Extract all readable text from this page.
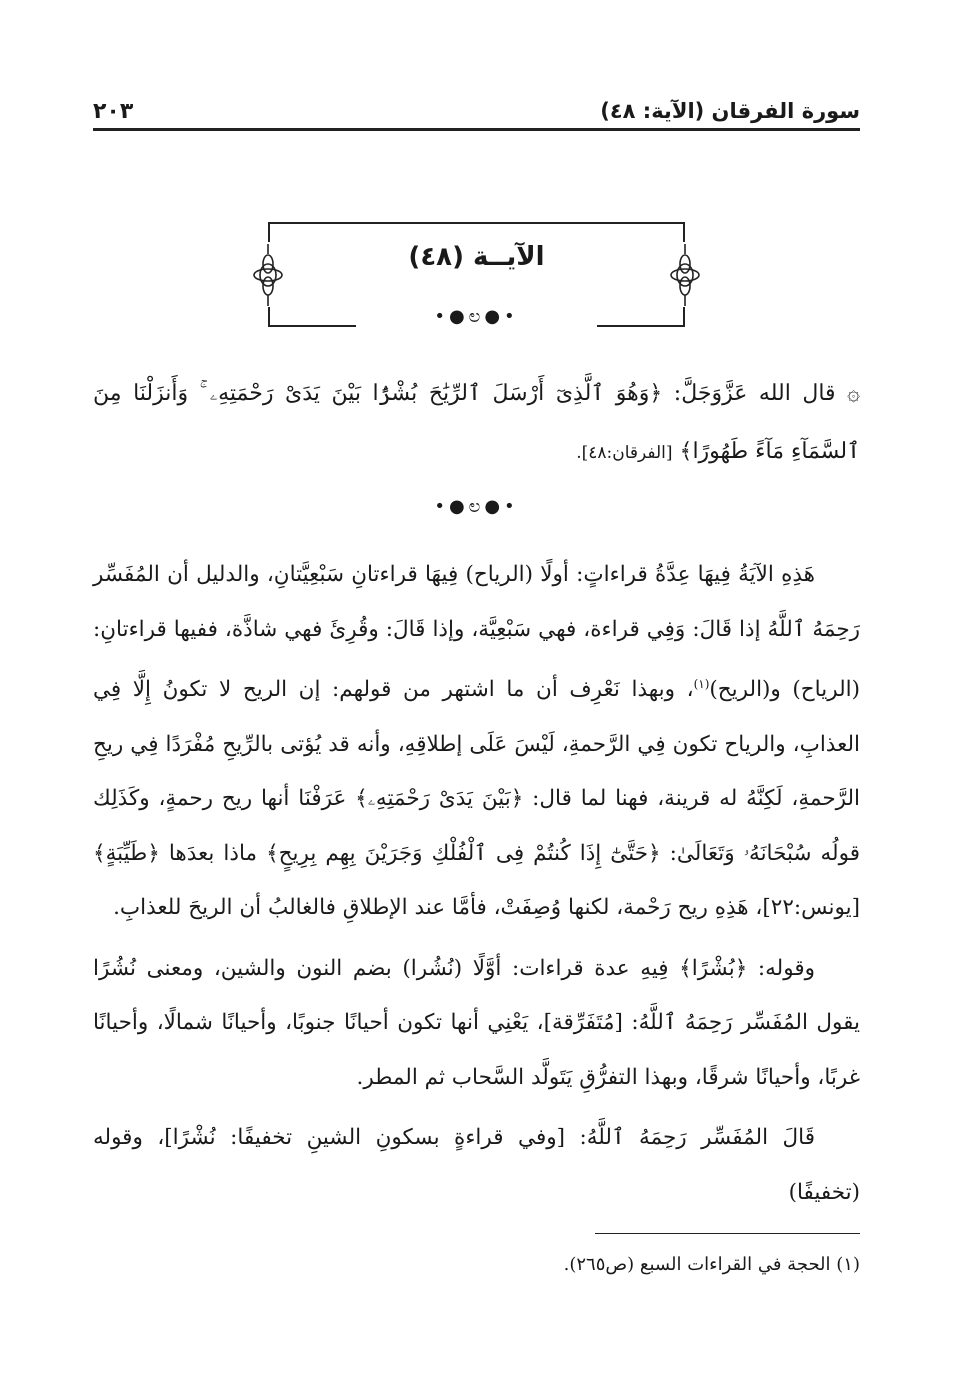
سورة الفرقان (الآية: ٤٨)
٢٠٣
الآيــة (٤٨)
•●ಲ●•
۞ قال الله عَزَّوَجَلَّ: ﴿وَهُوَ ٱلَّذِىٓ أَرْسَلَ ٱلرِّيَٰحَ بُشْرًۢا بَيْنَ يَدَىْ رَحْمَتِهِۦ ۚ وَأَنزَلْنَا مِنَ ٱلسَّمَآءِ مَآءً طَهُورًا﴾ [الفرقان:٤٨].
•●ಲ●•

هَذِهِ الآيَةُ فِيهَا عِدَّةُ قراءاتٍ: أولًا (الرياح) فِيهَا قراءتانِ سَبْعِيَّتانِ، والدليل أن المُفَسِّر رَحِمَهُ ٱللَّهُ إذا قَالَ: وَفِي قراءة، فهي سَبْعِيَّة، وإذا قَالَ: وقُرِئَ فهي شاذَّة، ففيها قراءتانِ: (الرياح) و(الريح)$^{(١)}$، وبهذا نَعْرِف أن ما اشتهر من قولهم: إن الريح لا تكونُ إِلَّا فِي العذابِ، والرياح تكون فِي الرَّحمةِ، لَيْسَ عَلَى إطلاقِهِ، وأنه قد يُؤتى بالرِّيحِ مُفْرَدًا فِي ريحِ الرَّحمةِ، لَكِنَّهُ له قرينة، فهنا لما قال: ﴿بَيْنَ يَدَىْ رَحْمَتِهِۦ﴾ عَرَفْنَا أنها ريح رحمةٍ، وكَذَلِك قولُه سُبْحَانَهُۥ وَتَعَالَىٰ: ﴿حَتَّىٰٓ إِذَا كُنتُمْ فِى ٱلْفُلْكِ وَجَرَيْنَ بِهِم بِرِيحٍ﴾ ماذا بعدَها ﴿طَيِّبَةٍ﴾ [يونس:٢٢]، هَذِهِ ريح رَحْمة، لكنها وُصِفَتْ، فأمَّا عند الإطلاقِ فالغالبُ أن الريحَ للعذابِ.

وقوله: ﴿بُشْرًا﴾ فِيهِ عدة قراءات: أوَّلًا (نُشُرا) بضم النون والشين، ومعنى نُشُرًا يقول المُفَسِّر رَحِمَهُ ٱللَّهُ: [مُتَفَرِّقة]، يَعْنِي أنها تكون أحيانًا جنوبًا، وأحيانًا شمالًا، وأحيانًا غربًا، وأحيانًا شرقًا، وبهذا التفرُّقِ يَتَولَّد السَّحاب ثم المطر.

قَالَ المُفَسِّر رَحِمَهُ ٱللَّهُ: [وفي قراءةٍ بسكونِ الشينِ تخفيفًا: نُشْرًا]، وقوله (تخفيفًا)

(١) الحجة في القراءات السبع (ص٢٦٥).
